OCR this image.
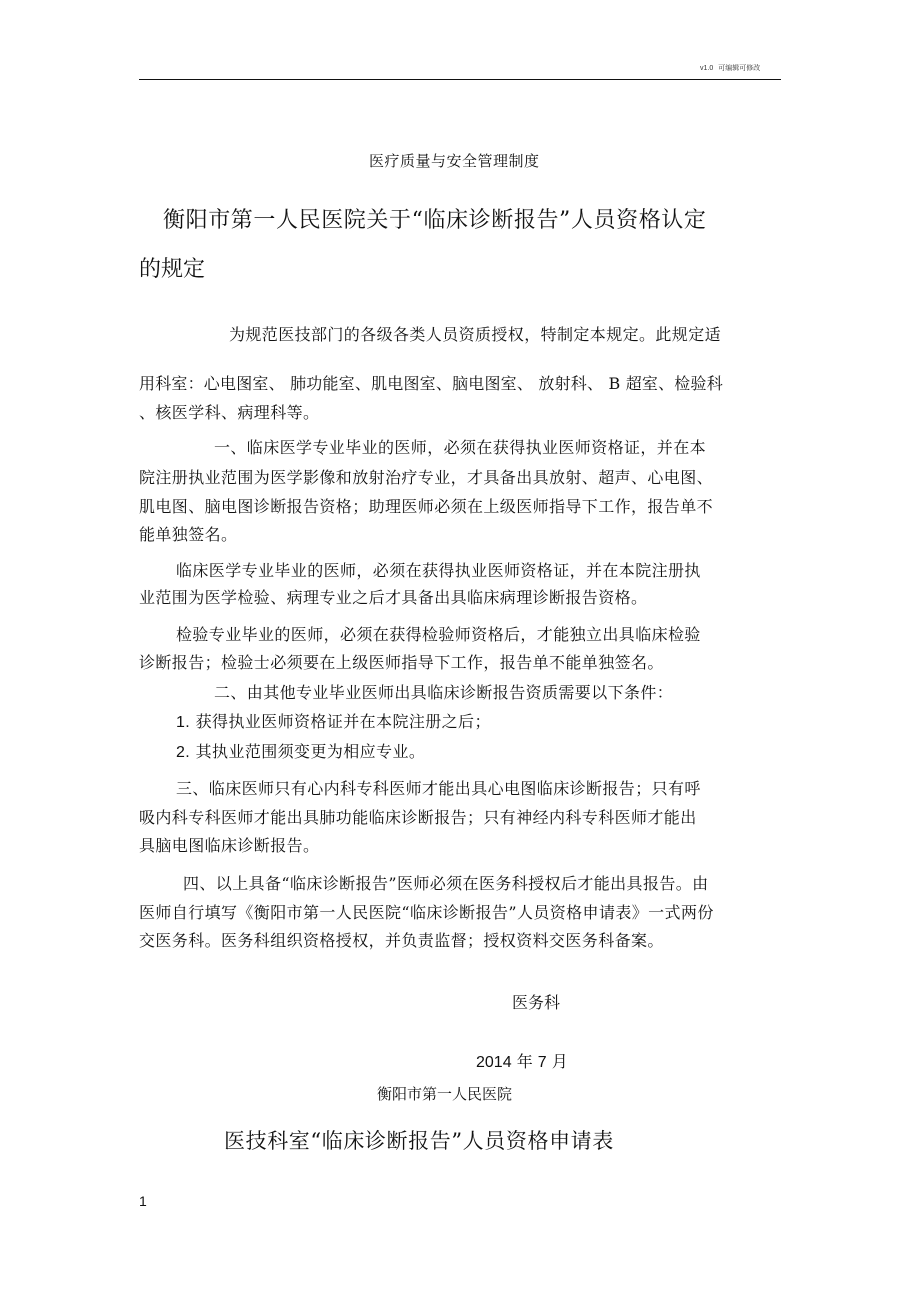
v1.0 可编辑可修改
医疗质量与安全管理制度
衡阳市第一人民医院关于“临床诊断报告”人员资格认定
的规定
为规范医技部门的各级各类人员资质授权，特制定本规定。此规定适
用科室：心电图室、 肺功能室、肌电图室、脑电图室、 放射科、 B 超室、检验科
、核医学科、病理科等。
一、临床医学专业毕业的医师，必须在获得执业医师资格证，并在本
院注册执业范围为医学影像和放射治疗专业，才具备出具放射、超声、心电图、
肌电图、脑电图诊断报告资格；助理医师必须在上级医师指导下工作，报告单不
能单独签名。
临床医学专业毕业的医师，必须在获得执业医师资格证，并在本院注册执
业范围为医学检验、病理专业之后才具备出具临床病理诊断报告资格。
检验专业毕业的医师，必须在获得检验师资格后，才能独立出具临床检验
诊断报告；检验士必须要在上级医师指导下工作，报告单不能单独签名。
二、由其他专业毕业医师出具临床诊断报告资质需要以下条件：
1. 获得执业医师资格证并在本院注册之后；
2. 其执业范围须变更为相应专业。
三、临床医师只有心内科专科医师才能出具心电图临床诊断报告；只有呼
吸内科专科医师才能出具肺功能临床诊断报告；只有神经内科专科医师才能出
具脑电图临床诊断报告。
四、以上具备“临床诊断报告”医师必须在医务科授权后才能出具报告。由
医师自行填写《衡阳市第一人民医院“临床诊断报告”人员资格申请表》一式两份
交医务科。医务科组织资格授权，并负责监督；授权资料交医务科备案。
医务科
2014 年 7 月
衡阳市第一人民医院
医技科室“临床诊断报告”人员资格申请表
1
